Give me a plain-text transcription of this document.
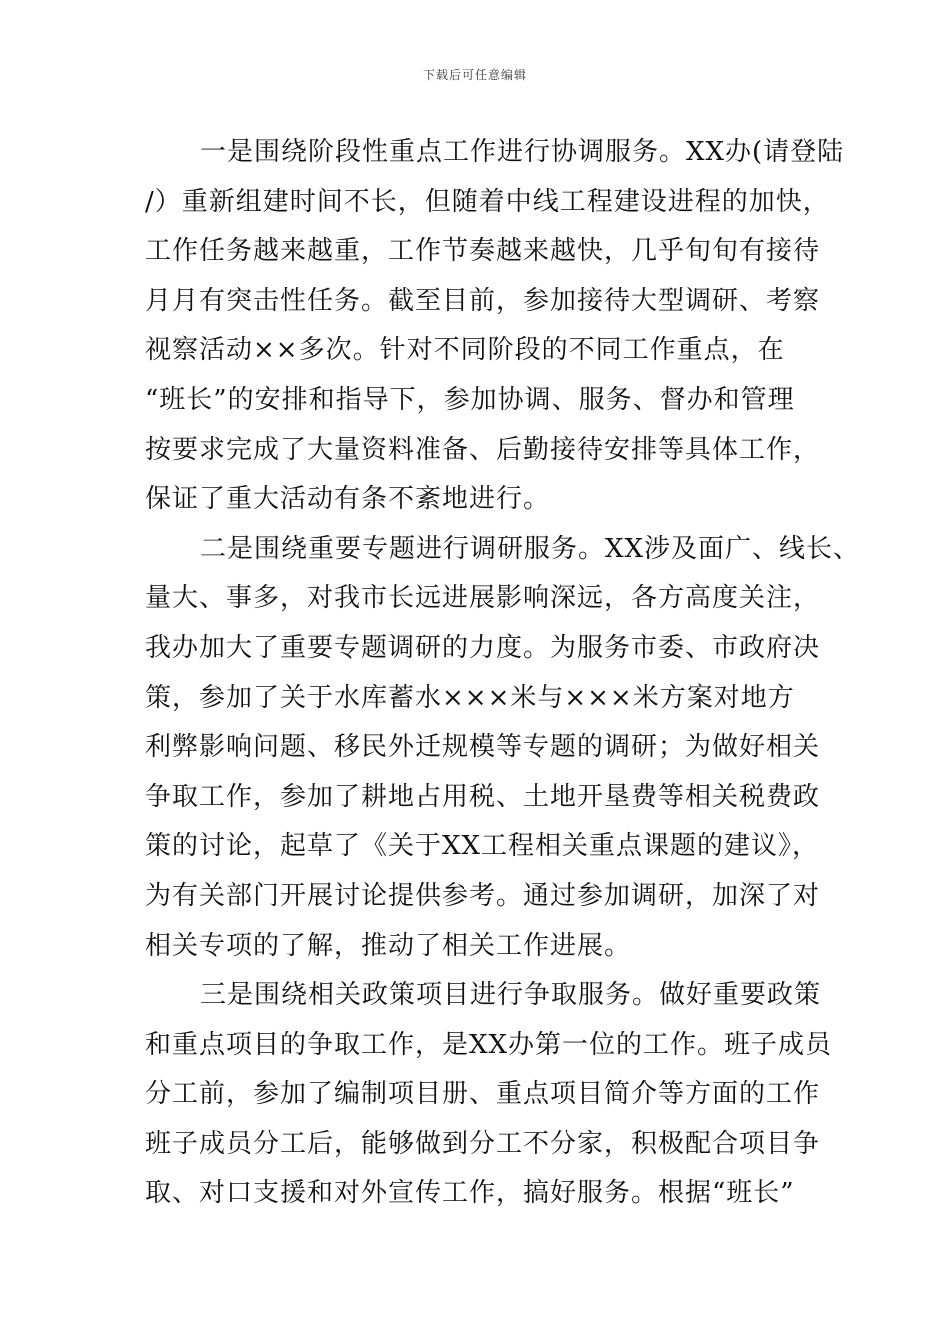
下载后可任意编辑
一是围绕阶段性重点工作进行协调服务。XX办(请登陆
/）重新组建时间不长，但随着中线工程建设进程的加快，
工作任务越来越重，工作节奏越来越快，几乎旬旬有接待
月月有突击性任务。截至目前，参加接待大型调研、考察
视察活动××多次。针对不同阶段的不同工作重点，在
“班长”的安排和指导下，参加协调、服务、督办和管理
按要求完成了大量资料准备、后勤接待安排等具体工作，
保证了重大活动有条不紊地进行。
二是围绕重要专题进行调研服务。XX涉及面广、线长、
量大、事多，对我市长远进展影响深远，各方高度关注，
我办加大了重要专题调研的力度。为服务市委、市政府决
策，参加了关于水库蓄水×××米与×××米方案对地方
利弊影响问题、移民外迁规模等专题的调研；为做好相关
争取工作，参加了耕地占用税、土地开垦费等相关税费政
策的讨论，起草了《关于XX工程相关重点课题的建议》，
为有关部门开展讨论提供参考。通过参加调研，加深了对
相关专项的了解，推动了相关工作进展。
三是围绕相关政策项目进行争取服务。做好重要政策
和重点项目的争取工作，是XX办第一位的工作。班子成员
分工前，参加了编制项目册、重点项目简介等方面的工作
班子成员分工后，能够做到分工不分家，积极配合项目争
取、对口支援和对外宣传工作，搞好服务。根据“班长”
